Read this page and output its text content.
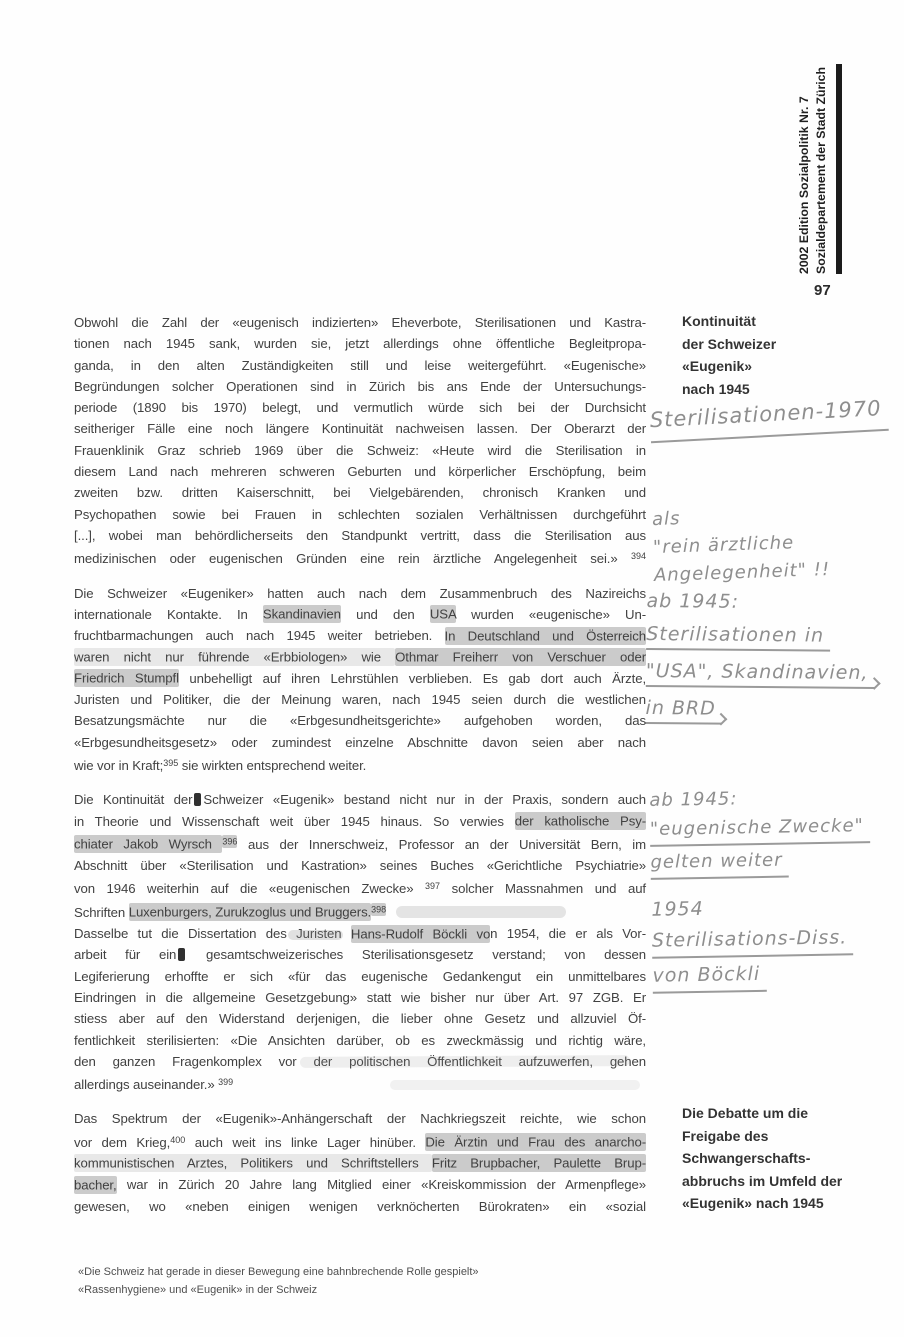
2002 Edition Sozialpolitik Nr. 7 Sozialdepartement der Stadt Zürich
97
Kontinuität
der Schweizer
«Eugenik»
nach 1945
Die Debatte um die
Freigabe des
Schwangerschafts-
abbruchs im Umfeld der
«Eugenik» nach 1945
Sterilisationen-1970
als
"rein ärztliche
Angelegenheit" !!
ab 1945:
Sterilisationen in
"USA", Skandinavien,
in BRD
ab 1945:
"eugenische Zwecke"
gelten weiter
1954
Sterilisations-Diss.
von Böckli
Obwohl die Zahl der «eugenisch indizierten» Eheverbote, Sterilisationen und Kastra-
tionen nach 1945 sank, wurden sie, jetzt allerdings ohne öffentliche Begleitpropa-
ganda, in den alten Zuständigkeiten still und leise weitergeführt. «Eugenische»
Begründungen solcher Operationen sind in Zürich bis ans Ende der Untersuchungs-
periode (1890 bis 1970) belegt, und vermutlich würde sich bei der Durchsicht
seitheriger Fälle eine noch längere Kontinuität nachweisen lassen. Der Oberarzt der
Frauenklinik Graz schrieb 1969 über die Schweiz: «Heute wird die Sterilisation in
diesem Land nach mehreren schweren Geburten und körperlicher Erschöpfung, beim
zweiten bzw. dritten Kaiserschnitt, bei Vielgebärenden, chronisch Kranken und
Psychopathen sowie bei Frauen in schlechten sozialen Verhältnissen durchgeführt
[...], wobei man behördlicherseits den Standpunkt vertritt, dass die Sterilisation aus
medizinischen oder eugenischen Gründen eine rein ärztliche Angelegenheit sei.» $^{394}$
Die Schweizer «Eugeniker» hatten auch nach dem Zusammenbruch des Nazireichs
internationale Kontakte. In Skandinavien und den USA wurden «eugenische» Un-
fruchtbarmachungen auch nach 1945 weiter betrieben. In Deutschland und Österreich
waren nicht nur führende «Erbbiologen» wie Othmar Freiherr von Verschuer oder
Friedrich Stumpfl unbehelligt auf ihren Lehrstühlen verblieben. Es gab dort auch Ärzte,
Juristen und Politiker, die der Meinung waren, nach 1945 seien durch die westlichen
Besatzungsmächte nur die «Erbgesundheitsgerichte» aufgehoben worden, das
«Erbgesundheitsgesetz» oder zumindest einzelne Abschnitte davon seien aber nach
wie vor in Kraft;$^{395}$ sie wirkten entsprechend weiter.
Die Kontinuität der Schweizer «Eugenik» bestand nicht nur in der Praxis, sondern auch
in Theorie und Wissenschaft weit über 1945 hinaus. So verwies der katholische Psy-
chiater Jakob Wyrsch $^{396}$ aus der Innerschweiz, Professor an der Universität Bern, im
Abschnitt über «Sterilisation und Kastration» seines Buches «Gerichtliche Psychiatrie»
von 1946 weiterhin auf die «eugenischen Zwecke» $^{397}$ solcher Massnahmen und auf
Schriften Luxenburgers, Zurukzoglus und Bruggers.$^{398}$
Dasselbe tut die Dissertation des Juristen Hans-Rudolf Böckli von 1954, die er als Vor-
arbeit für ein gesamtschweizerisches Sterilisationsgesetz verstand; von dessen
Legiferierung erhoffte er sich «für das eugenische Gedankengut ein unmittelbares
Eindringen in die allgemeine Gesetzgebung» statt wie bisher nur über Art. 97 ZGB. Er
stiess aber auf den Widerstand derjenigen, die lieber ohne Gesetz und allzuviel Öf-
fentlichkeit sterilisierten: «Die Ansichten darüber, ob es zweckmässig und richtig wäre,
den ganzen Fragenkomplex vor der politischen Öffentlichkeit aufzuwerfen, gehen
allerdings auseinander.» $^{399}$
Das Spektrum der «Eugenik»-Anhängerschaft der Nachkriegszeit reichte, wie schon
vor dem Krieg,$^{400}$ auch weit ins linke Lager hinüber. Die Ärztin und Frau des anarcho-
kommunistischen Arztes, Politikers und Schriftstellers Fritz Brupbacher, Paulette Brup-
bacher, war in Zürich 20 Jahre lang Mitglied einer «Kreiskommission der Armenpflege»
gewesen, wo «neben einigen wenigen verknöcherten Bürokraten» ein «sozial
«Die Schweiz hat gerade in dieser Bewegung eine bahnbrechende Rolle gespielt»
«Rassenhygiene» und «Eugenik» in der Schweiz
